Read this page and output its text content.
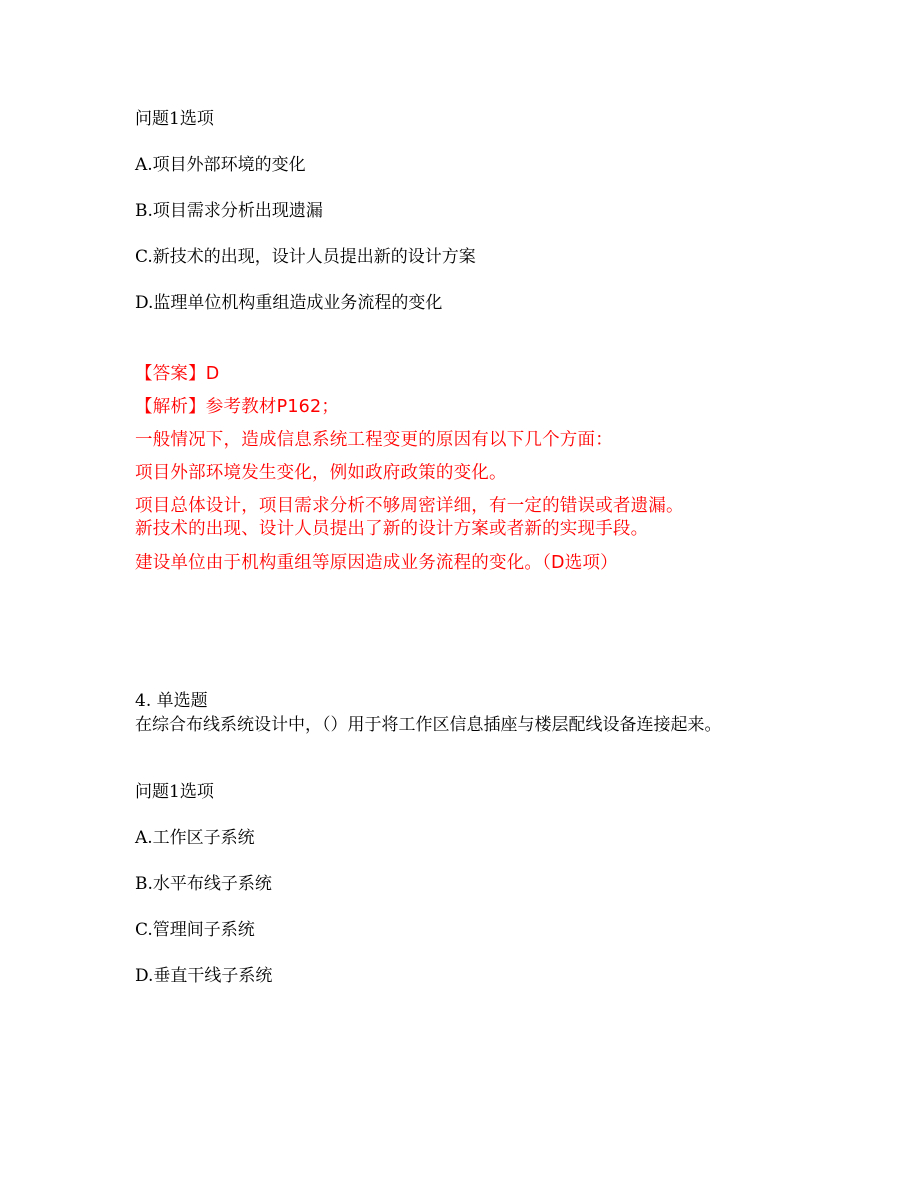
问题1选项
A.项目外部环境的变化
B.项目需求分析出现遗漏
C.新技术的出现，设计人员提出新的设计方案
D.监理单位机构重组造成业务流程的变化
【答案】D
【解析】参考教材P162；
一般情况下，造成信息系统工程变更的原因有以下几个方面：
项目外部环境发生变化，例如政府政策的变化。
项目总体设计，项目需求分析不够周密详细，有一定的错误或者遗漏。
新技术的出现、设计人员提出了新的设计方案或者新的实现手段。
建设单位由于机构重组等原因造成业务流程的变化。（D选项）
4. 单选题
在综合布线系统设计中，（）用于将工作区信息插座与楼层配线设备连接起来。
问题1选项
A.工作区子系统
B.水平布线子系统
C.管理间子系统
D.垂直干线子系统
